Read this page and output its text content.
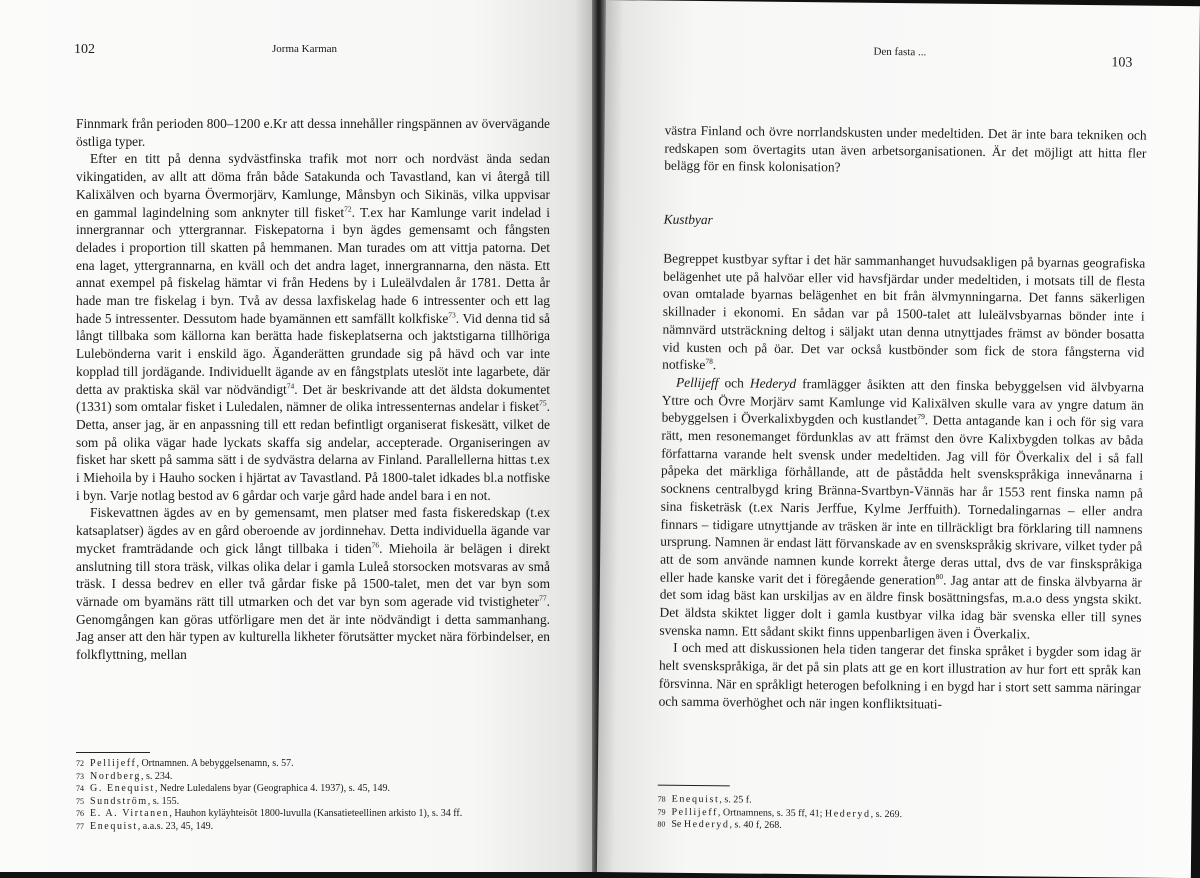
102	Jorma Karman

Finnmark från perioden 800–1200 e.Kr att dessa innehåller ringspännen av övervägande östliga typer.

Efter en titt på denna sydvästfinska trafik mot norr och nordväst ända sedan vikingatiden, av allt att döma från både Satakunda och Tavastland, kan vi återgå till Kalixälven och byarna Övermorjärv, Kamlunge, Månsbyn och Sikinäs, vilka uppvisar en gammal lagindelning som anknyter till fisket$^{72}$. T.ex har Kamlunge varit indelad i innergrannar och yttergrannar. Fiskepatorna i byn ägdes gemensamt och fångsten delades i proportion till skatten på hemmanen. Man turades om att vittja patorna. Det ena laget, yttergrannarna, en kväll och det andra laget, innergrannarna, den nästa. Ett annat exempel på fiskelag hämtar vi från Hedens by i Luleälvdalen år 1781. Detta år hade man tre fiskelag i byn. Två av dessa laxfiskelag hade 6 intressenter och ett lag hade 5 intressenter. Dessutom hade byamännen ett samfällt kolkfiske$^{73}$. Vid denna tid så långt tillbaka som källorna kan berätta hade fiskeplatserna och jaktstigarna tillhöriga Lulebönderna varit i enskild ägo. Äganderätten grundade sig på hävd och var inte kopplad till jordägande. Individuellt ägande av en fångstplats uteslöt inte lagarbete, där detta av praktiska skäl var nödvändigt$^{74}$. Det är beskrivande att det äldsta dokumentet (1331) som omtalar fisket i Luledalen, nämner de olika intressenternas andelar i fisket$^{75}$. Detta, anser jag, är en anpassning till ett redan befintligt organiserat fiskesätt, vilket de som på olika vägar hade lyckats skaffa sig andelar, accepterade. Organiseringen av fisket har skett på samma sätt i de sydvästra delarna av Finland. Parallellerna hittas t.ex i Miehoila by i Hauho socken i hjärtat av Tavastland. På 1800-talet idkades bl.a notfiske i byn. Varje notlag bestod av 6 gårdar och varje gård hade andel bara i en not.

Fiskevattnen ägdes av en by gemensamt, men platser med fasta fiskeredskap (t.ex katsaplatser) ägdes av en gård oberoende av jordinnehav. Detta individuella ägande var mycket framträdande och gick långt tillbaka i tiden$^{76}$. Miehoila är belägen i direkt anslutning till stora träsk, vilkas olika delar i gamla Luleå storsocken motsvaras av små träsk. I dessa bedrev en eller två gårdar fiske på 1500-talet, men det var byn som värnade om byamäns rätt till utmarken och det var byn som agerade vid tvistigheter$^{77}$. Genomgången kan göras utförligare men det är inte nödvändigt i detta sammanhang. Jag anser att den här typen av kulturella likheter förutsätter mycket nära förbindelser, en folkflyttning, mellan

$^{72}$ Pellijeff, Ortnamnen. A bebyggelsenamn, s. 57.
$^{73}$ Nordberg, s. 234.
$^{74}$ G. Enequist, Nedre Luledalens byar (Geographica 4. 1937), s. 45, 149.
$^{75}$ Sundström, s. 155.
$^{76}$ E. A. Virtanen, Hauhon kyläyhteisöt 1800-luvulla (Kansatieteellinen arkisto 1), s. 34 ff.
$^{77}$ Enequist, a.a.s. 23, 45, 149.
Den fasta ...
103

västra Finland och övre norrlandskusten under medeltiden. Det är inte bara tekniken och redskapen som övertagits utan även arbetsorganisationen. Är det möjligt att hitta fler belägg för en finsk kolonisation?

Kustbyar

Begreppet kustbyar syftar i det här sammanhanget huvudsakligen på byarnas geografiska belägenhet ute på halvöar eller vid havsfjärdar under medeltiden, i motsats till de flesta ovan omtalade byarnas belägenhet en bit från älvmynningarna. Det fanns säkerligen skillnader i ekonomi. En sådan var på 1500-talet att luleälvsbyarnas bönder inte i nämnvärd utsträckning deltog i säljakt utan denna utnyttjades främst av bönder bosatta vid kusten och på öar. Det var också kustbönder som fick de stora fångsterna vid notfiske$^{78}$.

Pellijeff och Hederyd framlägger åsikten att den finska bebyggelsen vid älvbyarna Yttre och Övre Morjärv samt Kamlunge vid Kalixälven skulle vara av yngre datum än bebyggelsen i Överkalixbygden och kustlandet$^{79}$. Detta antagande kan i och för sig vara rätt, men resonemanget fördunklas av att främst den övre Kalixbygden tolkas av båda författarna varande helt svensk under medeltiden. Jag vill för Överkalix del i så fall påpeka det märkliga förhållande, att de påstådda helt svenskspråkiga innevånarna i socknens centralbygd kring Bränna-Svartbyn-Vännäs har år 1553 rent finska namn på sina fisketräsk (t.ex Naris Jerffue, Kylme Jerffuith). Tornedalingarnas – eller andra finnars – tidigare utnyttjande av träsken är inte en tillräckligt bra förklaring till namnens ursprung. Namnen är endast lätt förvanskade av en svenskspråkig skrivare, vilket tyder på att de som använde namnen kunde korrekt återge deras uttal, dvs de var finskspråkiga eller hade kanske varit det i föregående generation$^{80}$. Jag antar att de finska älvbyarna är det som idag bäst kan urskiljas av en äldre finsk bosättningsfas, m.a.o dess yngsta skikt. Det äldsta skiktet ligger dolt i gamla kustbyar vilka idag bär svenska eller till synes svenska namn. Ett sådant skikt finns uppenbarligen även i Överkalix.

I och med att diskussionen hela tiden tangerar det finska språket i bygder som idag är helt svenskspråkiga, är det på sin plats att ge en kort illustration av hur fort ett språk kan försvinna. När en språkligt heterogen befolkning i en bygd har i stort sett samma näringar och samma överhöghet och när ingen konfliktsituati-

$^{78}$ Enequist, s. 25 f.
$^{79}$ Pellijeff, Ortnamnens, s. 35 ff, 41; Hederyd, s. 269.
$^{80}$ Se Hederyd, s. 40 f, 268.
